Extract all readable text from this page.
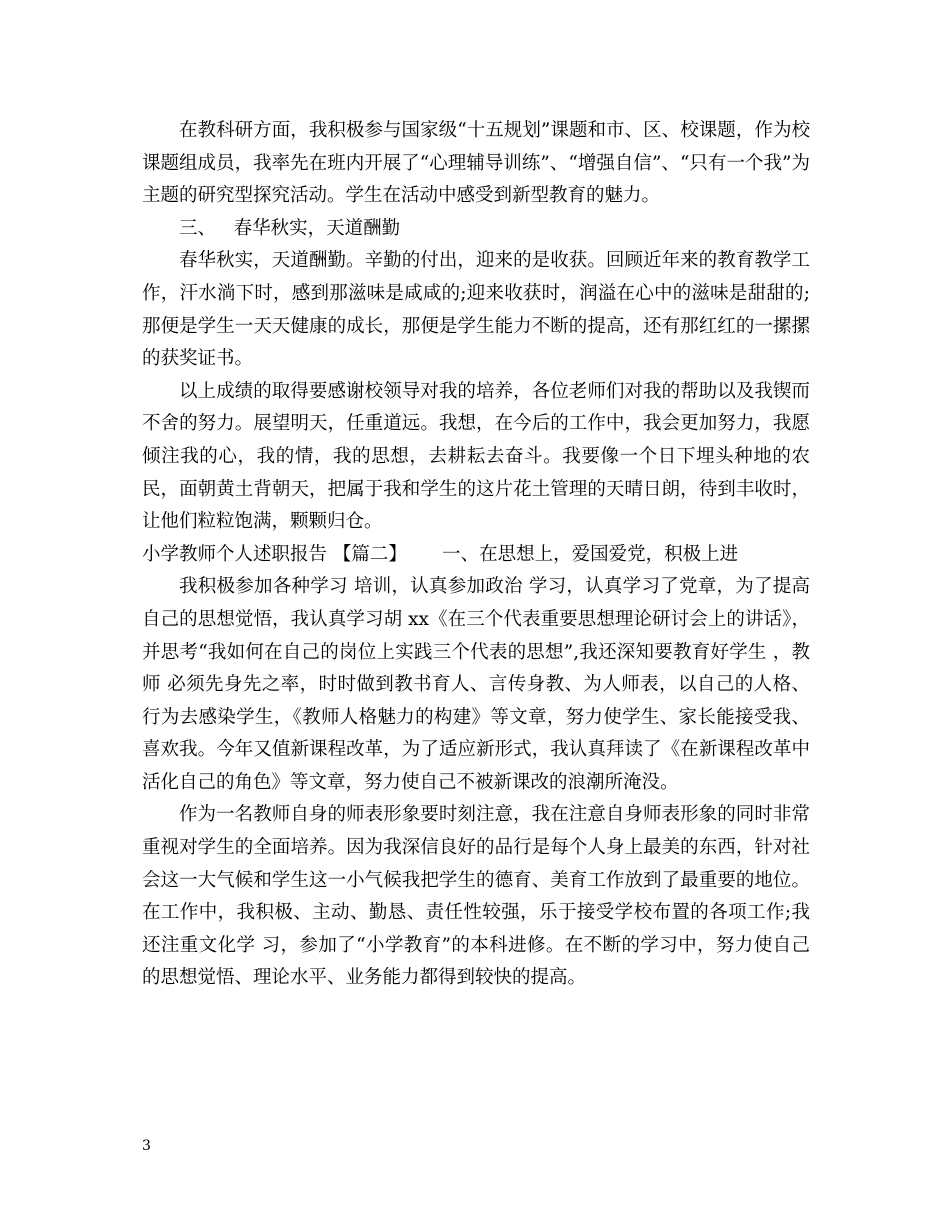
在教科研方面，我积极参与国家级“十五规划”课题和市、区、校课题，作为校课题组成员，我率先在班内开展了“心理辅导训练”、“增强自信”、“只有一个我”为主题的研究型探究活动。学生在活动中感受到新型教育的魅力。

三、   春华秋实，天道酬勤

春华秋实，天道酬勤。辛勤的付出，迎来的是收获。回顾近年来的教育教学工作，汗水淌下时，感到那滋味是咸咸的;迎来收获时，润溢在心中的滋味是甜甜的;那便是学生一天天健康的成长，那便是学生能力不断的提高，还有那红红的一摞摞的获奖证书。

以上成绩的取得要感谢校领导对我的培养，各位老师们对我的帮助以及我锲而不舍的努力。展望明天，任重道远。我想，在今后的工作中，我会更加努力，我愿倾注我的心，我的情，我的思想，去耕耘去奋斗。我要像一个日下埋头种地的农民，面朝黄土背朝天，把属于我和学生的这片花土管理的天晴日朗，待到丰收时，让他们粒粒饱满，颗颗归仓。

小学教师个人述职报告 【篇二】      一、在思想上，爱国爱党，积极上进

我积极参加各种学习 培训，认真参加政治 学习，认真学习了党章，为了提高自己的思想觉悟，我认真学习胡 xx《在三个代表重要思想理论研讨会上的讲话》，并思考“我如何在自己的岗位上实践三个代表的思想”,我还深知要教育好学生 ，教师 必须先身先之率，时时做到教书育人、言传身教、为人师表，以自己的人格、行为去感染学生，《教师人格魅力的构建》等文章，努力使学生、家长能接受我、喜欢我。今年又值新课程改革，为了适应新形式，我认真拜读了《在新课程改革中活化自己的角色》等文章，努力使自己不被新课改的浪潮所淹没。

作为一名教师自身的师表形象要时刻注意，我在注意自身师表形象的同时非常重视对学生的全面培养。因为我深信良好的品行是每个人身上最美的东西，针对社会这一大气候和学生这一小气候我把学生的德育、美育工作放到了最重要的地位。在工作中，我积极、主动、勤恳、责任性较强，乐于接受学校布置的各项工作;我还注重文化学 习，参加了“小学教育”的本科进修。在不断的学习中，努力使自己的思想觉悟、理论水平、业务能力都得到较快的提高。

3
